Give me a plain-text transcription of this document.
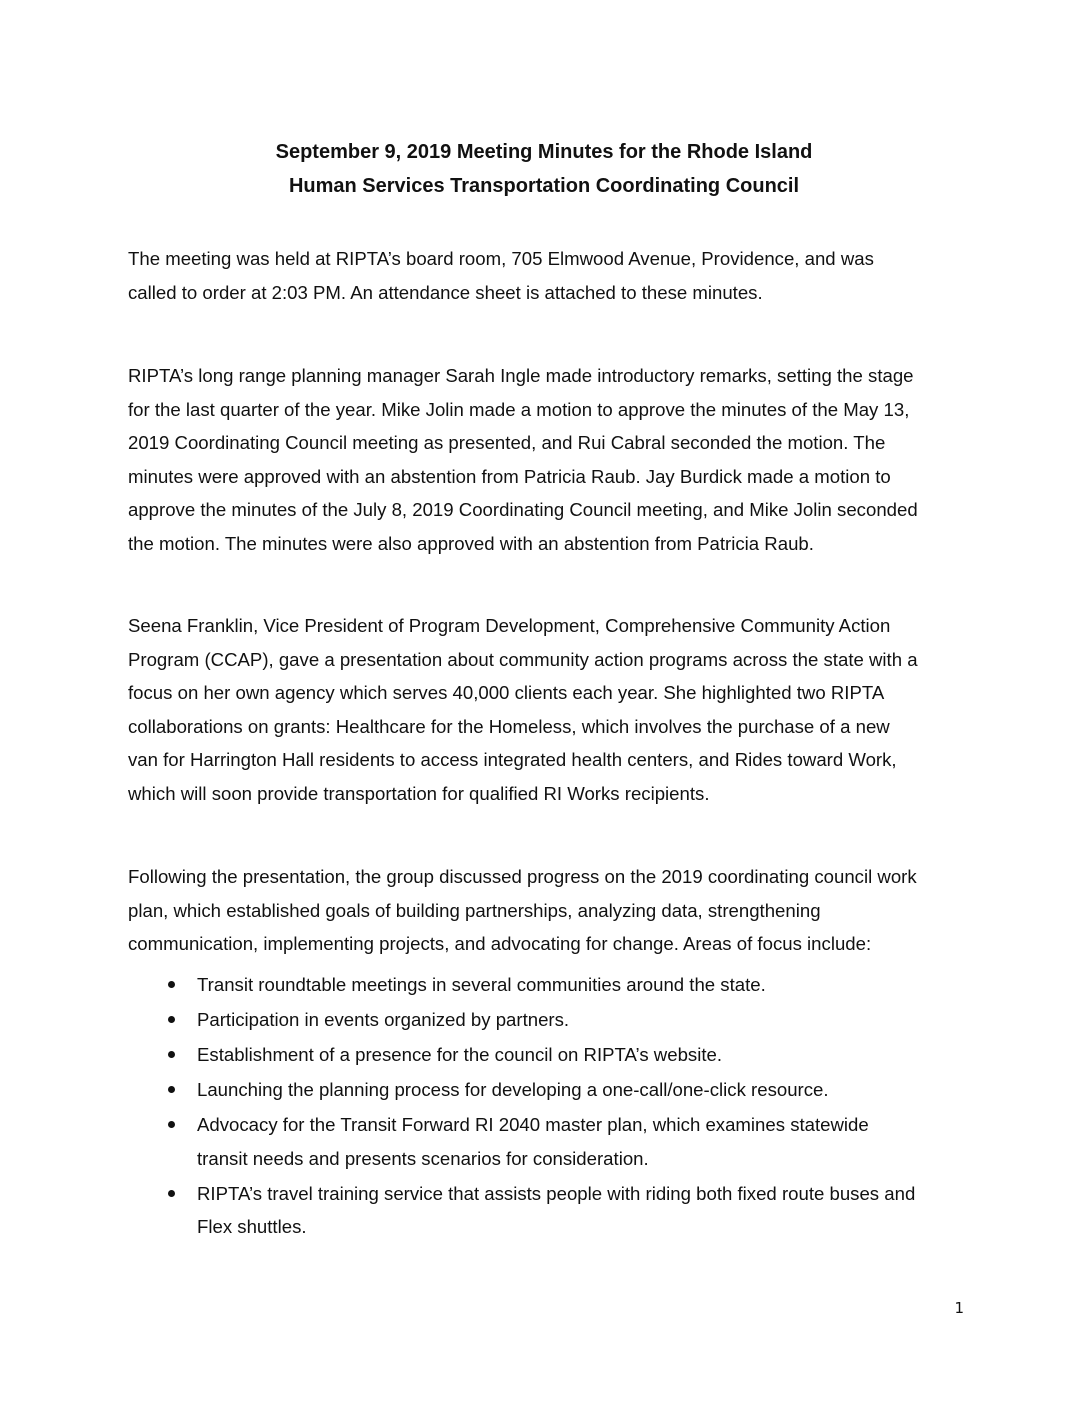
September 9, 2019 Meeting Minutes for the Rhode Island
Human Services Transportation Coordinating Council

The meeting was held at RIPTA’s board room, 705 Elmwood Avenue, Providence, and was
called to order at 2:03 PM. An attendance sheet is attached to these minutes.

RIPTA’s long range planning manager Sarah Ingle made introductory remarks, setting the stage
for the last quarter of the year. Mike Jolin made a motion to approve the minutes of the May 13,
2019 Coordinating Council meeting as presented, and Rui Cabral seconded the motion. The
minutes were approved with an abstention from Patricia Raub. Jay Burdick made a motion to
approve the minutes of the July 8, 2019 Coordinating Council meeting, and Mike Jolin seconded
the motion. The minutes were also approved with an abstention from Patricia Raub.

Seena Franklin, Vice President of Program Development, Comprehensive Community Action
Program (CCAP), gave a presentation about community action programs across the state with a
focus on her own agency which serves 40,000 clients each year. She highlighted two RIPTA
collaborations on grants: Healthcare for the Homeless, which involves the purchase of a new
van for Harrington Hall residents to access integrated health centers, and Rides toward Work,
which will soon provide transportation for qualified RI Works recipients.

Following the presentation, the group discussed progress on the 2019 coordinating council work
plan, which established goals of building partnerships, analyzing data, strengthening
communication, implementing projects, and advocating for change. Areas of focus include:

Transit roundtable meetings in several communities around the state.
Participation in events organized by partners.
Establishment of a presence for the council on RIPTA’s website.
Launching the planning process for developing a one-call/one-click resource.
Advocacy for the Transit Forward RI 2040 master plan, which examines statewide
transit needs and presents scenarios for consideration.
RIPTA’s travel training service that assists people with riding both fixed route buses and
Flex shuttles.
1
